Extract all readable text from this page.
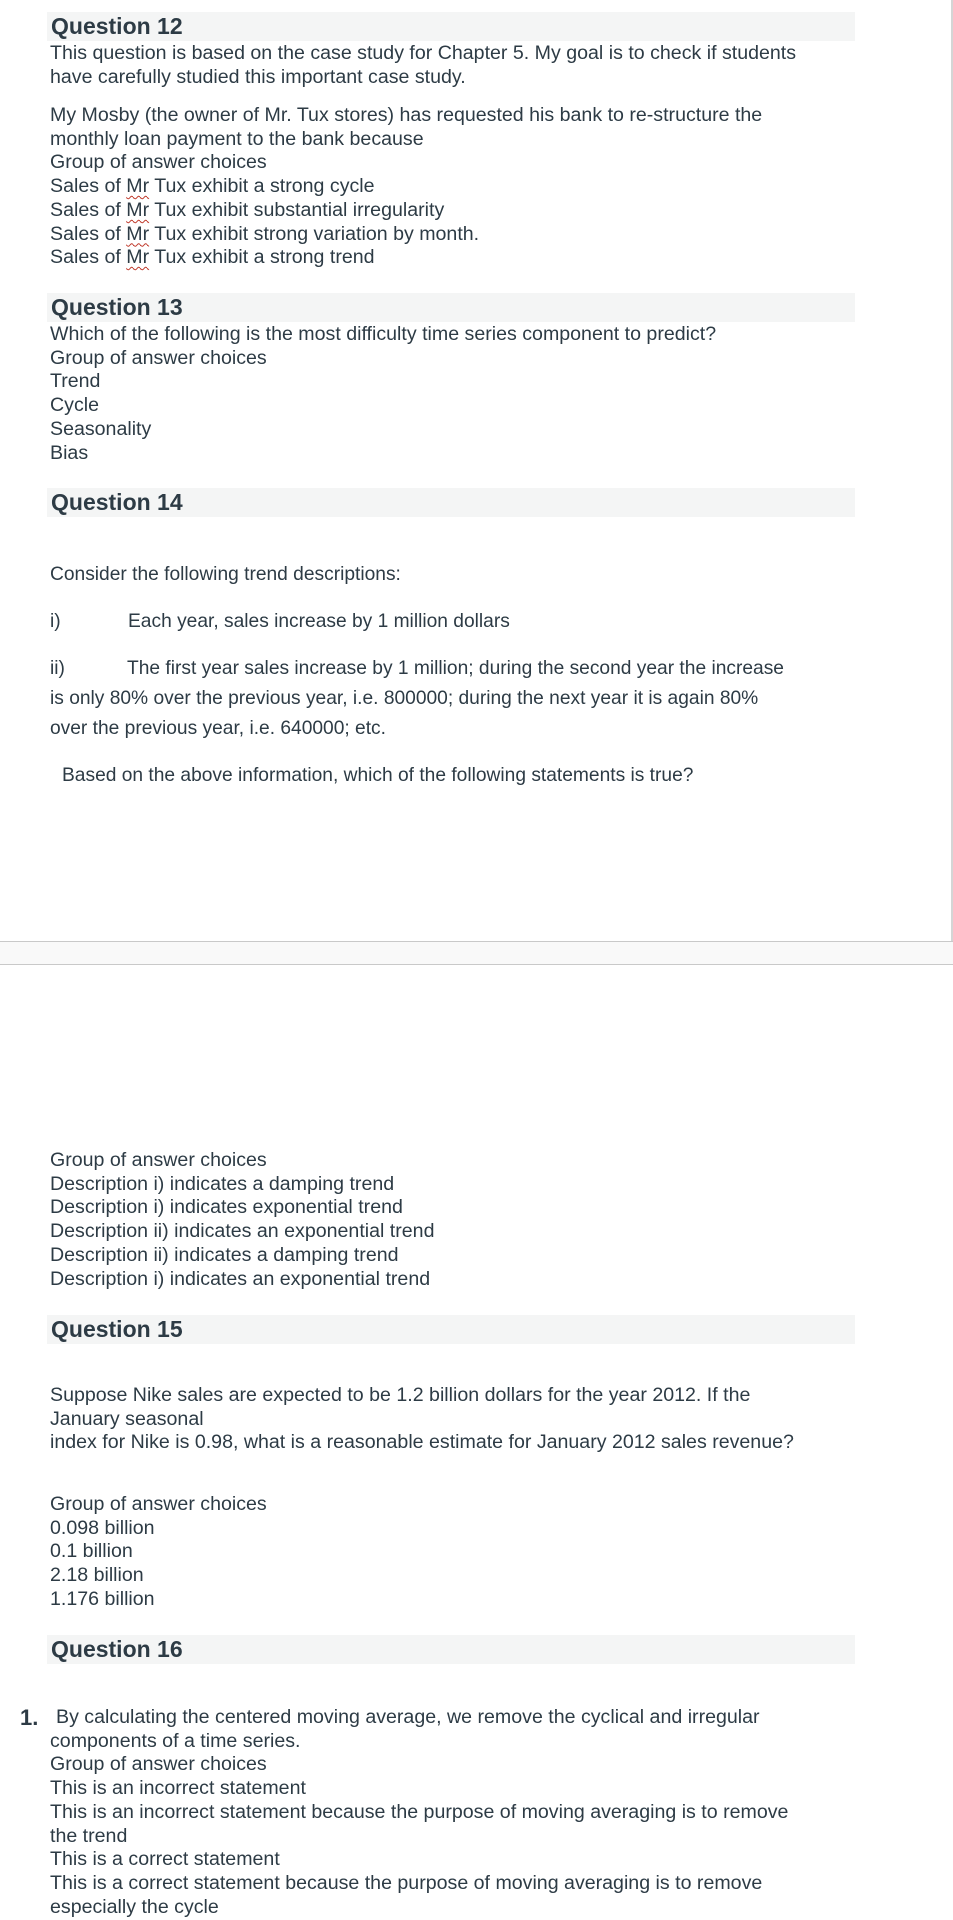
Question 12

This question is based on the case study for Chapter 5. My goal is to check if students

have carefully studied this important case study.

My Mosby (the owner of Mr. Tux stores) has requested his bank to re-structure the

monthly loan payment to the bank because

Group of answer choices

Sales of Mr Tux exhibit a strong cycle

Sales of Mr Tux exhibit substantial irregularity

Sales of Mr Tux exhibit strong variation by month.

Sales of Mr Tux exhibit a strong trend

Question 13

Which of the following is the most difficulty time series component to predict?

Group of answer choices

Trend

Cycle

Seasonality

Bias

Question 14

Consider the following trend descriptions:

i)	Each year, sales increase by 1 million dollars

ii)	The first year sales increase by 1 million; during the second year the increase

is only 80% over the previous year, i.e. 800000; during the next year it is again 80%

over the previous year, i.e. 640000; etc.

Based on the above information, which of the following statements is true?

Group of answer choices

Description i) indicates a damping trend

Description i) indicates exponential trend

Description ii) indicates an exponential trend

Description ii) indicates a damping trend

Description i) indicates an exponential trend

Question 15

Suppose Nike sales are expected to be 1.2 billion dollars for the year 2012. If the

January seasonal

index for Nike is 0.98, what is a reasonable estimate for January 2012 sales revenue?

Group of answer choices

0.098 billion

0.1 billion

2.18 billion

1.176 billion

Question 16
1. By calculating the centered moving average, we remove the cyclical and irregular

components of a time series.

Group of answer choices

This is an incorrect statement

This is an incorrect statement because the purpose of moving averaging is to remove

the trend

This is a correct statement

This is a correct statement because the purpose of moving averaging is to remove

especially the cycle
